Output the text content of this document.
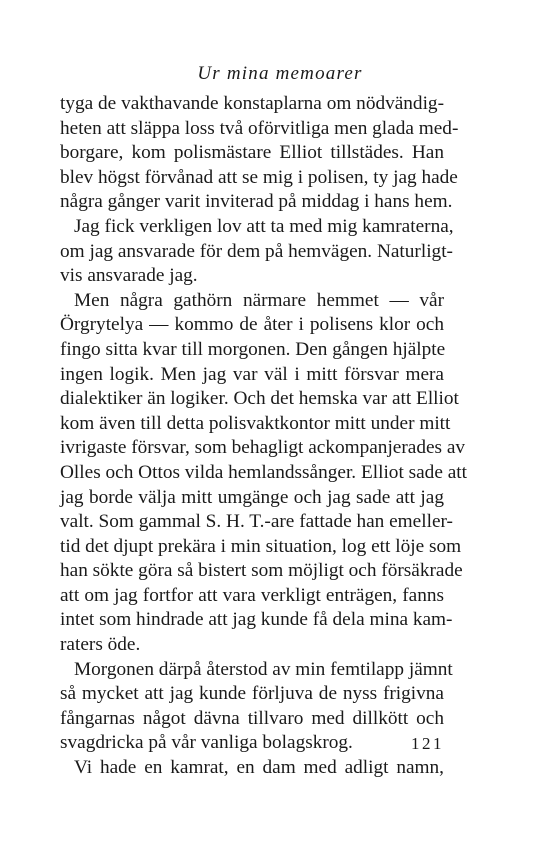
Ur mina memoarer
tyga de vakthavande konstaplarna om nödvändig-
heten att släppa loss två oförvitliga men glada med-
borgare, kom polismästare Elliot tillstädes. Han
blev högst förvånad att se mig i polisen, ty jag hade
några gånger varit inviterad på middag i hans hem.
Jag fick verkligen lov att ta med mig kamraterna,
om jag ansvarade för dem på hemvägen. Naturligt-
vis ansvarade jag.
Men några gathörn närmare hemmet — vår
Örgrytelya — kommo de åter i polisens klor och
fingo sitta kvar till morgonen. Den gången hjälpte
ingen logik. Men jag var väl i mitt försvar mera
dialektiker än logiker. Och det hemska var att Elliot
kom även till detta polisvaktkontor mitt under mitt
ivrigaste försvar, som behagligt ackompanjerades av
Olles och Ottos vilda hemlandssånger. Elliot sade att
jag borde välja mitt umgänge och jag sade att jag
valt. Som gammal S. H. T.-are fattade han emeller-
tid det djupt prekära i min situation, log ett löje som
han sökte göra så bistert som möjligt och försäkrade
att om jag fortfor att vara verkligt enträgen, fanns
intet som hindrade att jag kunde få dela mina kam-
raters öde.
Morgonen därpå återstod av min femtilapp jämnt
så mycket att jag kunde förljuva de nyss frigivna
fångarnas något dävna tillvaro med dillkött och
svagdricka på vår vanliga bolagskrog.
Vi hade en kamrat, en dam med adligt namn,
121
